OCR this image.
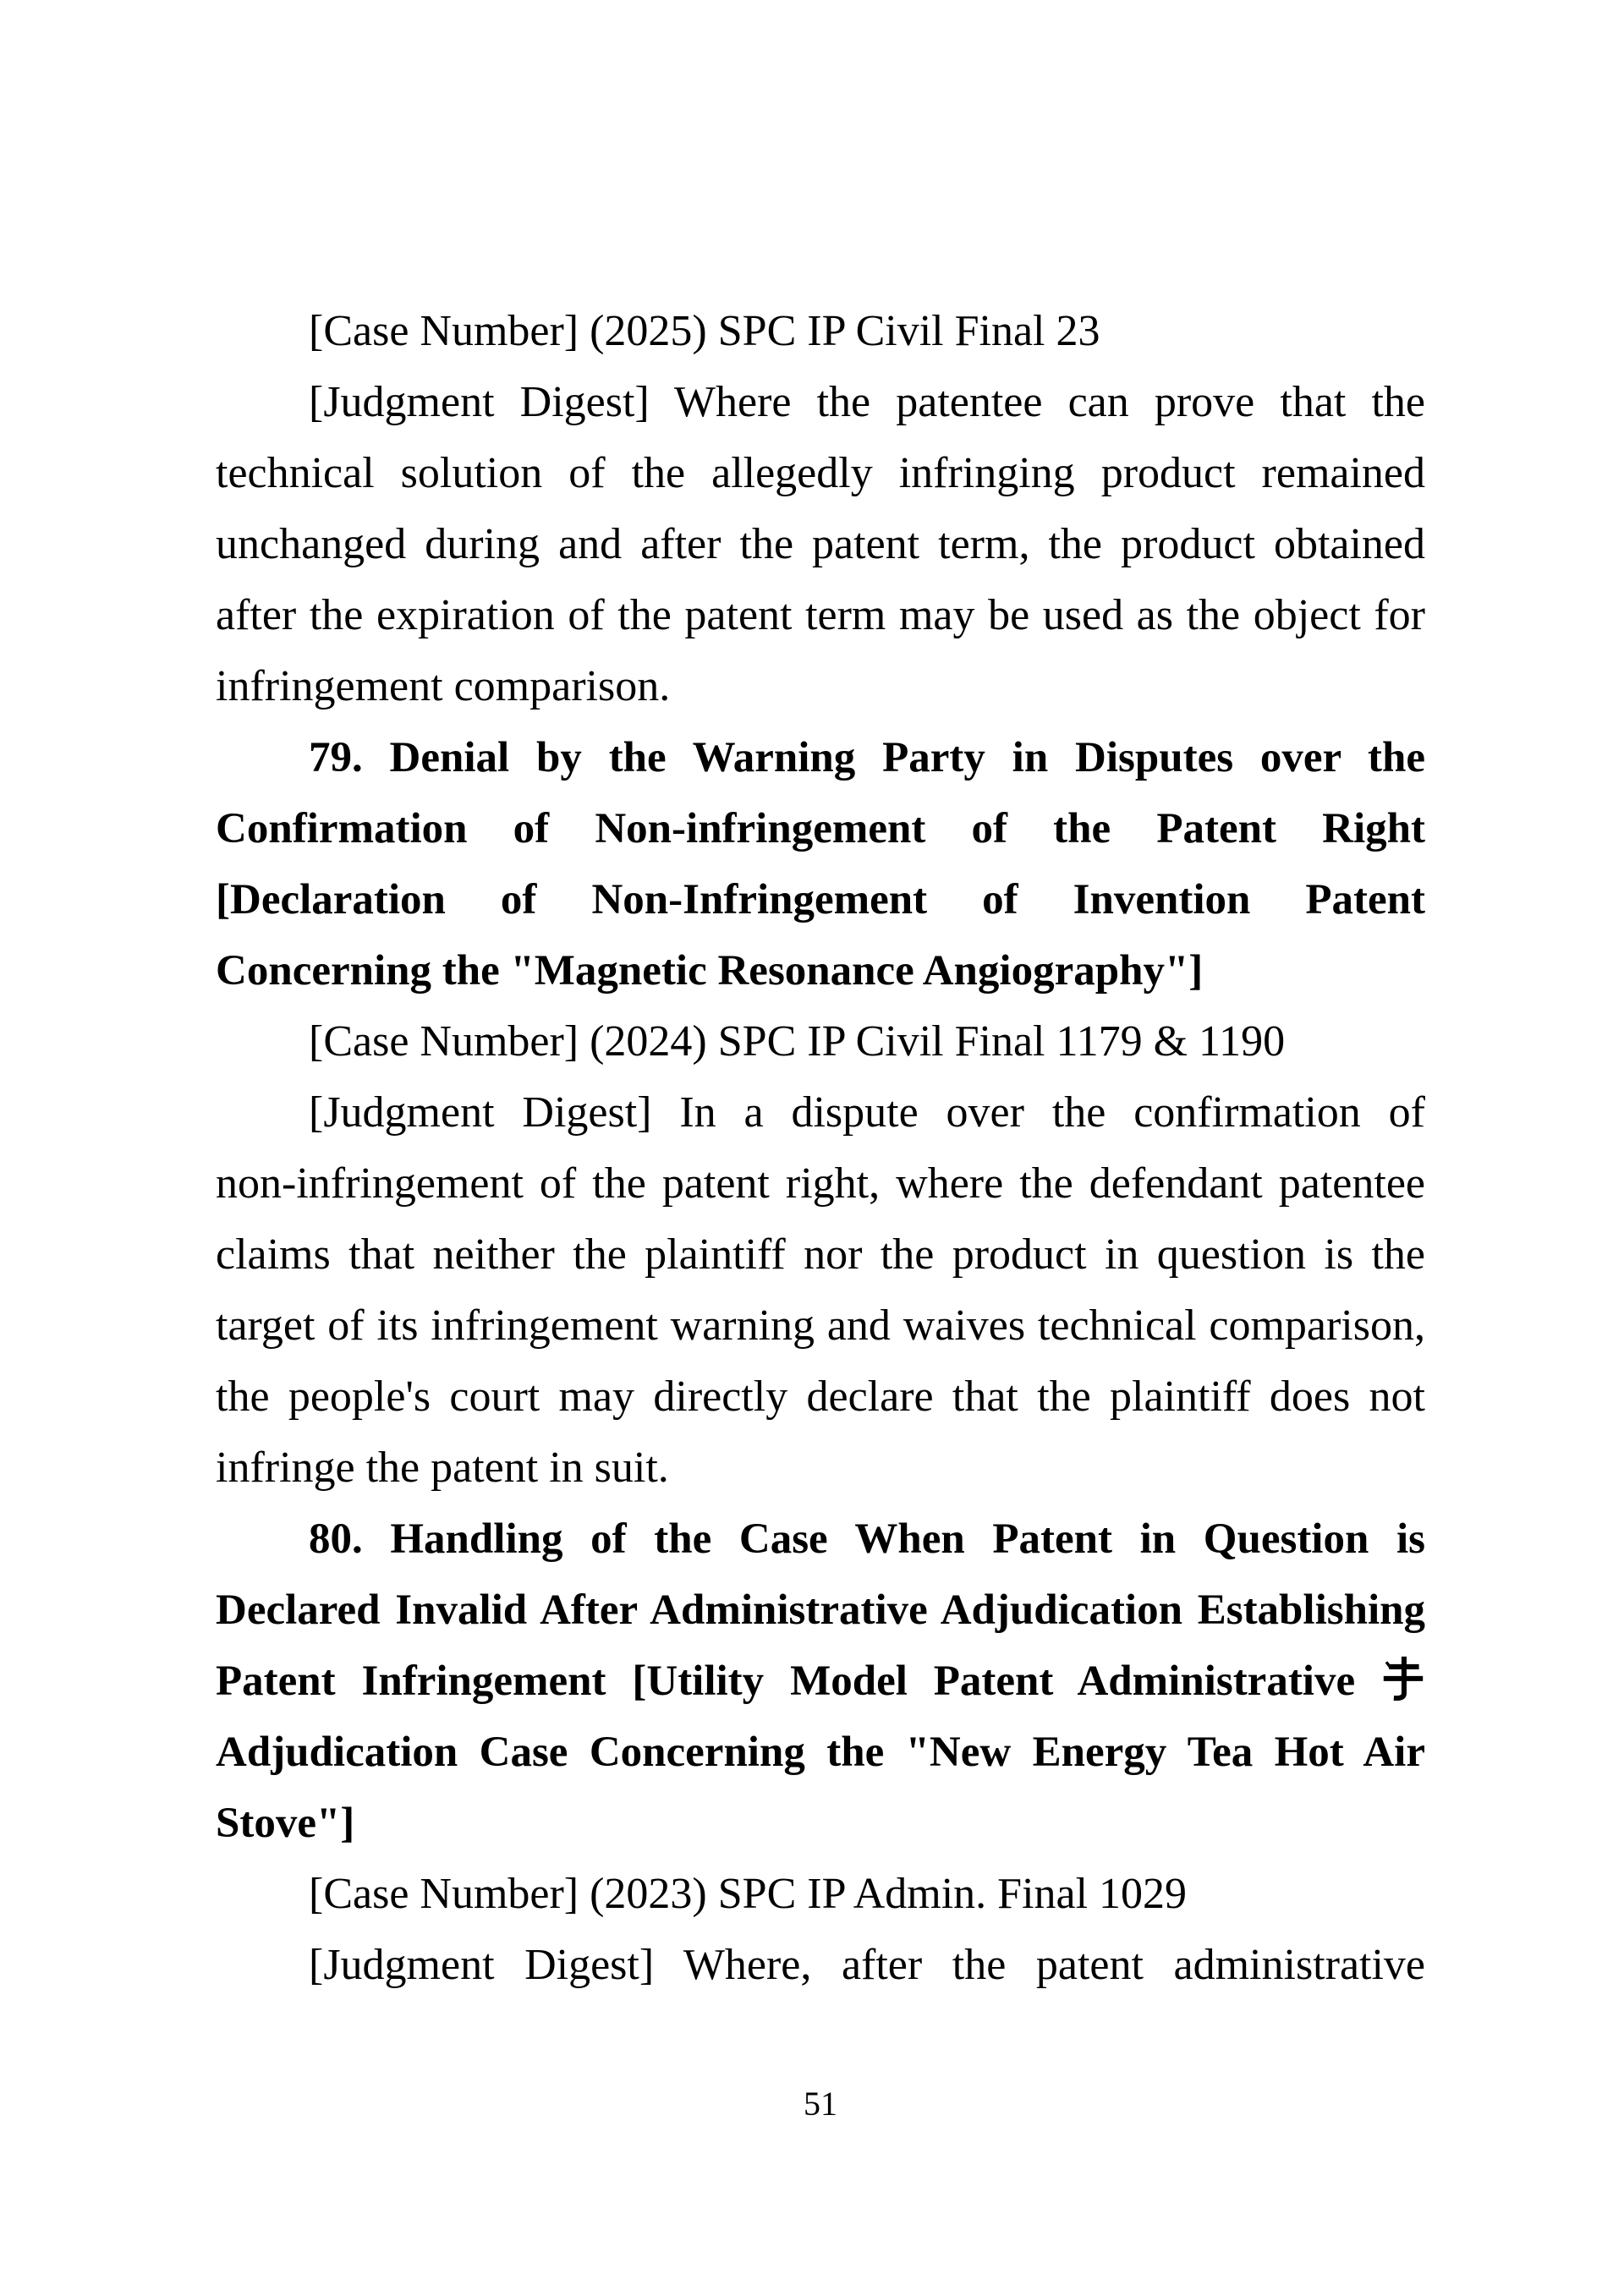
[Case Number] (2025) SPC IP Civil Final 23
[Judgment Digest] Where the patentee can prove that the
technical solution of the allegedly infringing product remained
unchanged during and after the patent term, the product obtained
after the expiration of the patent term may be used as the object for
infringement comparison.
79. Denial by the Warning Party in Disputes over the
Confirmation of Non-infringement of the Patent Right
[Declaration of Non-Infringement of Invention Patent
Concerning the "Magnetic Resonance Angiography"]
[Case Number] (2024) SPC IP Civil Final 1179 & 1190
[Judgment Digest] In a dispute over the confirmation of
non-infringement of the patent right, where the defendant patentee
claims that neither the plaintiff nor the product in question is the
target of its infringement warning and waives technical comparison,
the people's court may directly declare that the plaintiff does not
infringe the patent in suit.
80. Handling of the Case When Patent in Question is
Declared Invalid After Administrative Adjudication Establishing
Patent Infringement [Utility Model Patent Administrative
Adjudication Case Concerning the "New Energy Tea Hot Air
Stove"]
[Case Number] (2023) SPC IP Admin. Final 1029
[Judgment Digest] Where, after the patent administrative
51
